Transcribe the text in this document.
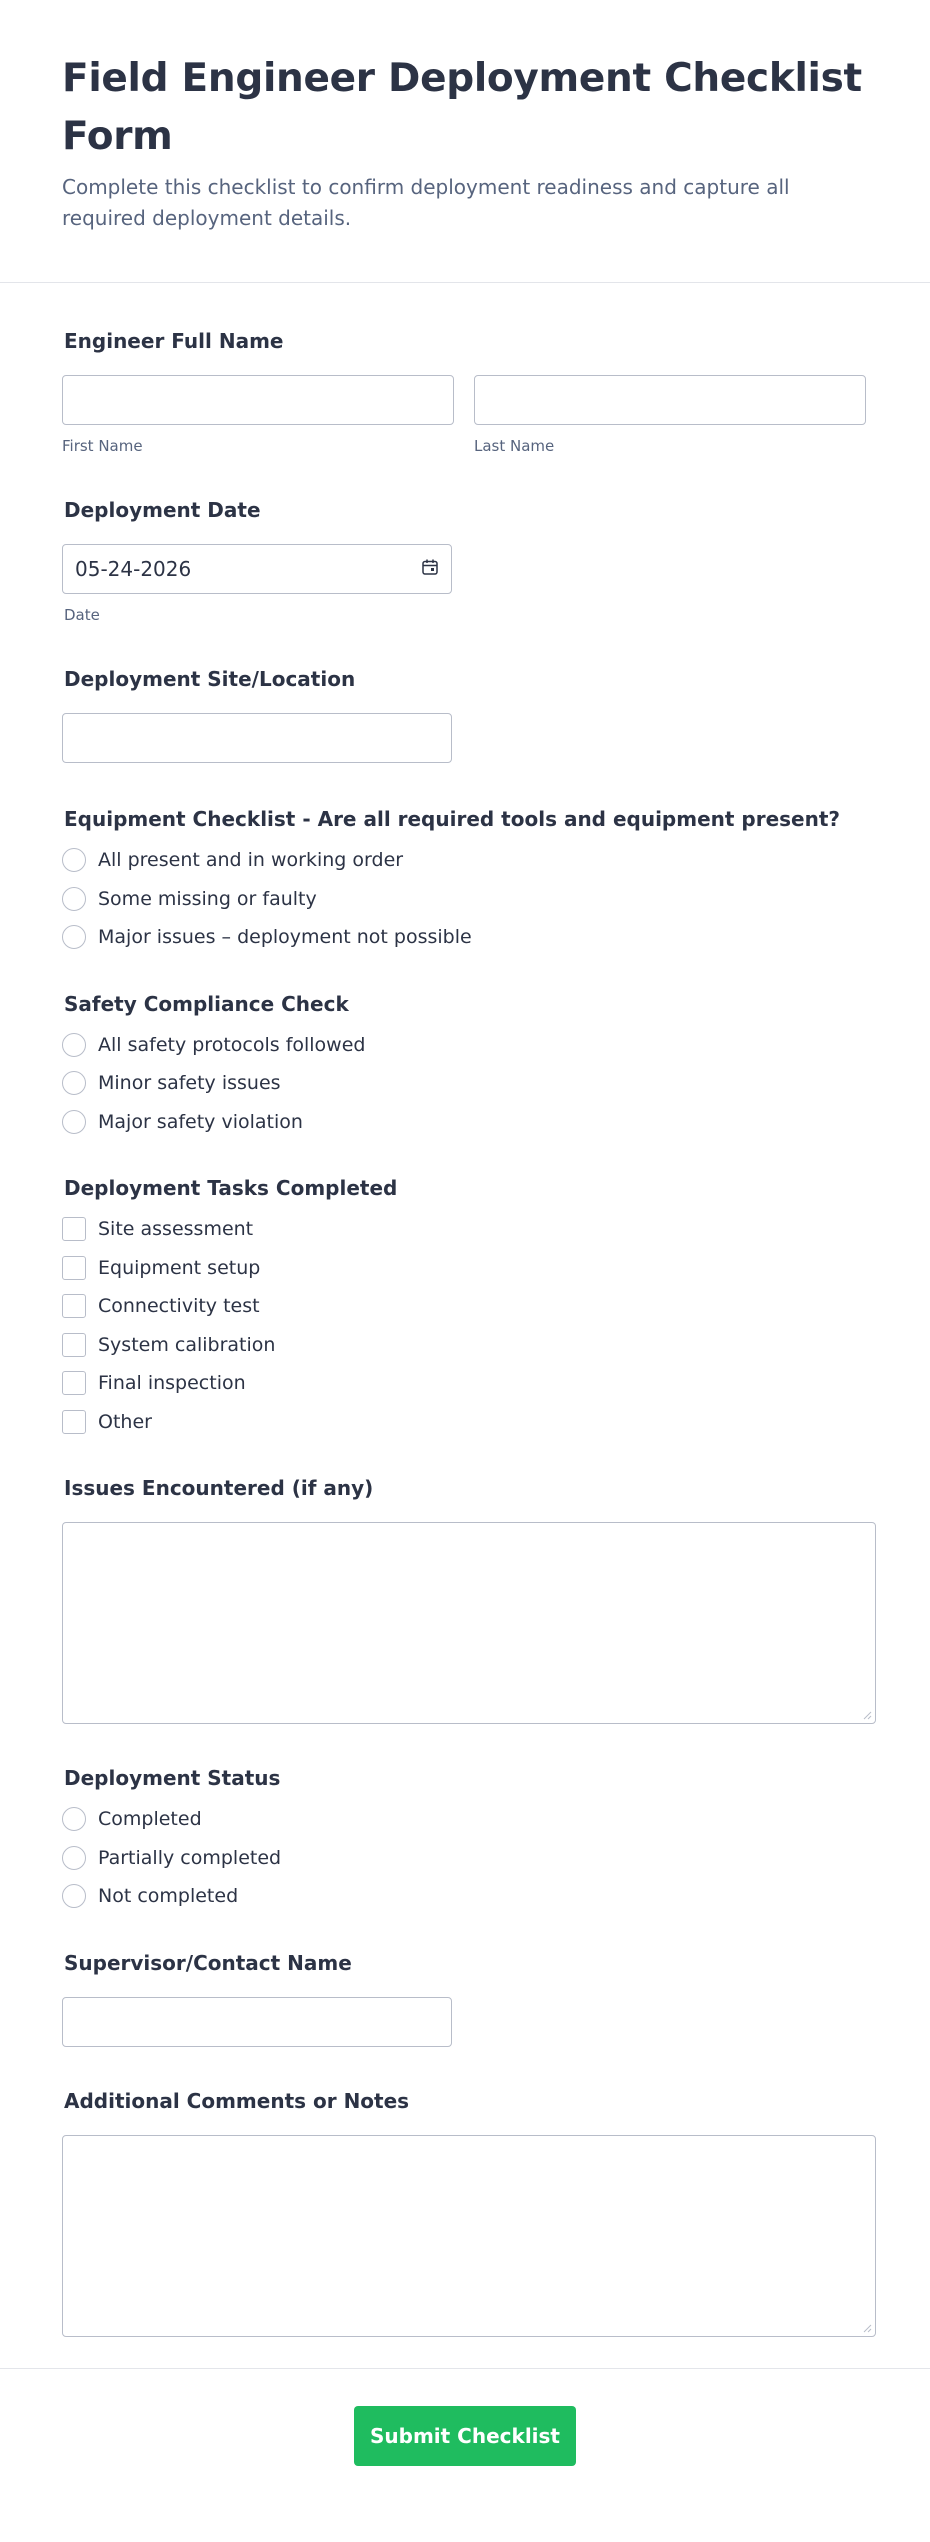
Field Engineer Deployment Checklist Form
Complete this checklist to confirm deployment readiness and capture all required deployment details.
Engineer Full Name
First Name	Last Name
Deployment Date
05-24-2026
Date
Deployment Site/Location
Equipment Checklist - Are all required tools and equipment present?
All present and in working order
Some missing or faulty
Major issues – deployment not possible
Safety Compliance Check
All safety protocols followed
Minor safety issues
Major safety violation
Deployment Tasks Completed
Site assessment
Equipment setup
Connectivity test
System calibration
Final inspection
Other
Issues Encountered (if any)
Deployment Status
Completed
Partially completed
Not completed
Supervisor/Contact Name
Additional Comments or Notes
Submit Checklist
